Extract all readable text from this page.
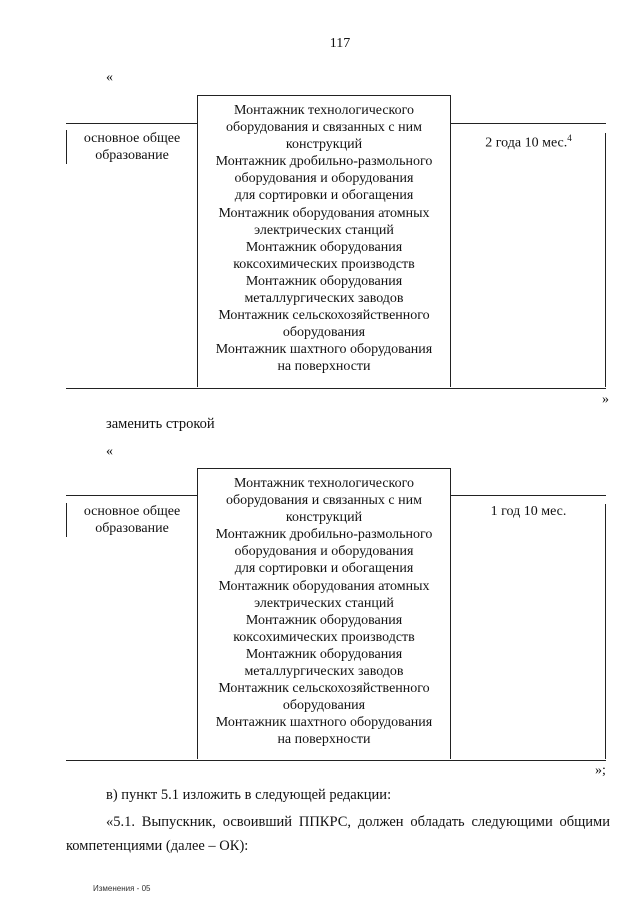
117
«
основное общее образование
Монтажник технологического
оборудования и связанных с ним
конструкций
Монтажник дробильно-размольного
оборудования и оборудования
для сортировки и обогащения
Монтажник оборудования атомных
электрических станций
Монтажник оборудования
коксохимических производств
Монтажник оборудования
металлургических заводов
Монтажник сельскохозяйственного
оборудования
Монтажник шахтного оборудования
на поверхности
2 года 10 мес.$^4$
»
заменить строкой
«
основное общее образование
Монтажник технологического
оборудования и связанных с ним
конструкций
Монтажник дробильно-размольного
оборудования и оборудования
для сортировки и обогащения
Монтажник оборудования атомных
электрических станций
Монтажник оборудования
коксохимических производств
Монтажник оборудования
металлургических заводов
Монтажник сельскохозяйственного
оборудования
Монтажник шахтного оборудования
на поверхности
1 год 10 мес.
»;
в) пункт 5.1 изложить в следующей редакции:
«5.1. Выпускник, освоивший ППКРС, должен обладать следующими общими
компетенциями (далее – ОК):
Изменения - 05
